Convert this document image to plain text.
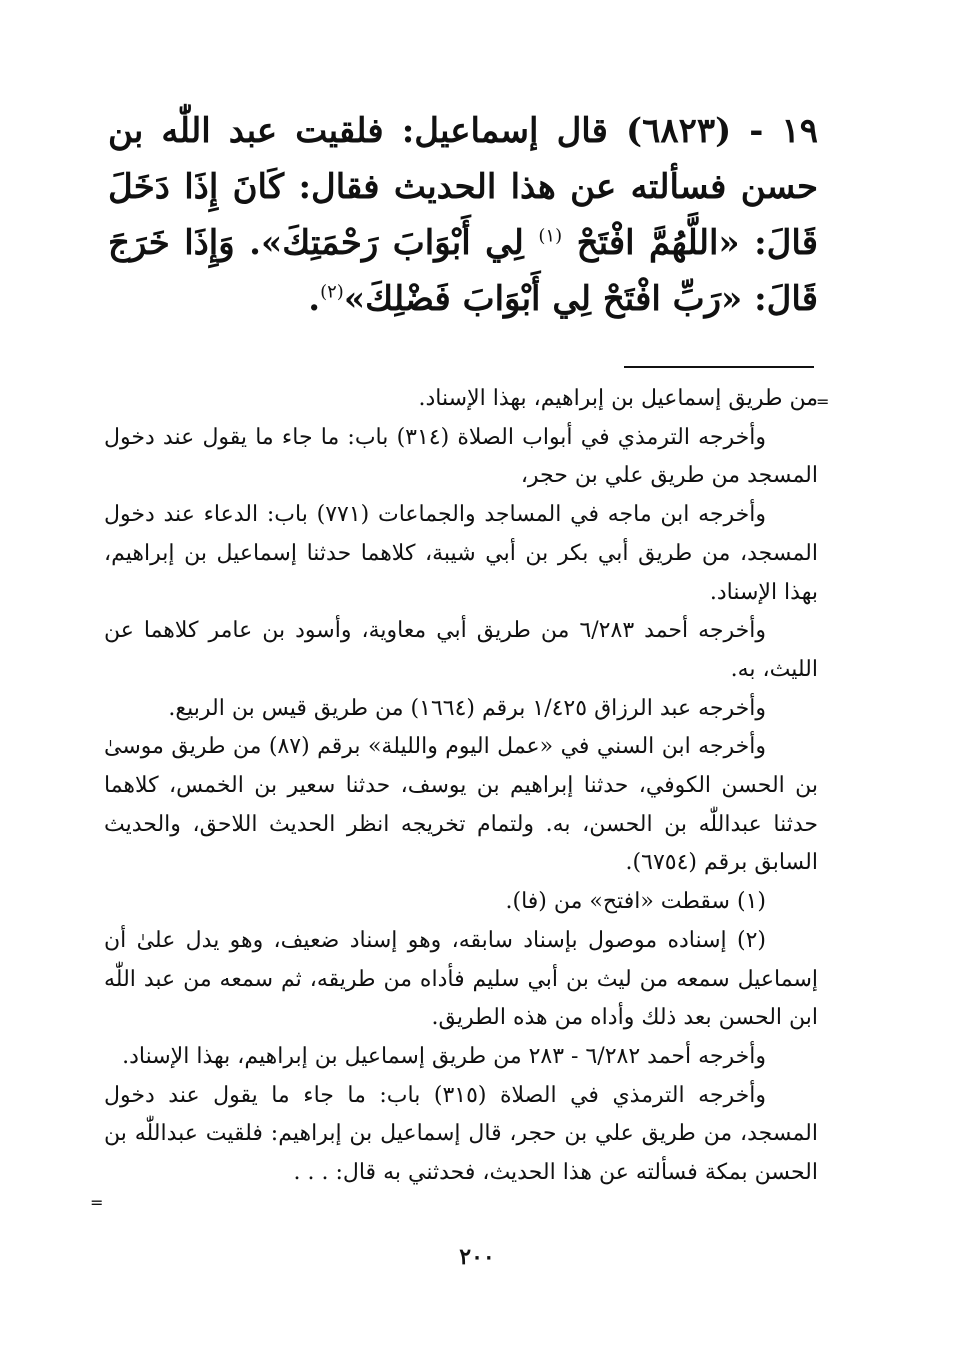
١٩ - (٦٨٢٣) قال إسماعيل: فلقيت عبد اللّٰه بن حسن فسألته عن هذا الحديث فقال: كَانَ إِذَا دَخَلَ قَالَ: «اللَّهُمَّ افْتَحْ $^{(١)}$ لِي أَبْوَابَ رَحْمَتِكَ». وَإِذَا خَرَجَ قَالَ: «رَبِّ افْتَحْ لِي أَبْوَابَ فَضْلِكَ»$^{(٢)}$.

=

من طريق إسماعيل بن إبراهيم، بهذا الإسناد.

وأخرجه الترمذي في أبواب الصلاة (٣١٤) باب: ما جاء ما يقول عند دخول المسجد من طريق علي بن حجر،

وأخرجه ابن ماجه في المساجد والجماعات (٧٧١) باب: الدعاء عند دخول المسجد، من طريق أبي بكر بن أبي شيبة، كلاهما حدثنا إسماعيل بن إبراهيم، بهذا الإسناد.

وأخرجه أحمد ٦/٢٨٣ من طريق أبي معاوية، وأسود بن عامر كلاهما عن الليث، به.

وأخرجه عبد الرزاق ١/٤٢٥ برقم (١٦٦٤) من طريق قيس بن الربيع.

وأخرجه ابن السني في «عمل اليوم والليلة» برقم (٨٧) من طريق موسىٰ بن الحسن الكوفي، حدثنا إبراهيم بن يوسف، حدثنا سعير بن الخمس، كلاهما حدثنا عبداللّٰه بن الحسن، به. ولتمام تخريجه انظر الحديث اللاحق، والحديث السابق برقم (٦٧٥٤).

(١) سقطت «افتح» من (فا).

(٢) إسناده موصول بإسناد سابقه، وهو إسناد ضعيف، وهو يدل علىٰ أن إسماعيل سمعه من ليث بن أبي سليم فأداه من طريقه، ثم سمعه من عبد اللّٰه ابن الحسن بعد ذلك وأداه من هذه الطريق.

وأخرجه أحمد ٦/٢٨٢ - ٢٨٣ من طريق إسماعيل بن إبراهيم، بهذا الإسناد.

وأخرجه الترمذي في الصلاة (٣١٥) باب: ما جاء ما يقول عند دخول المسجد، من طريق علي بن حجر، قال إسماعيل بن إبراهيم: فلقيت عبداللّٰه بن الحسن بمكة فسألته عن هذا الحديث، فحدثني به قال: . . .

=
٢٠٠
